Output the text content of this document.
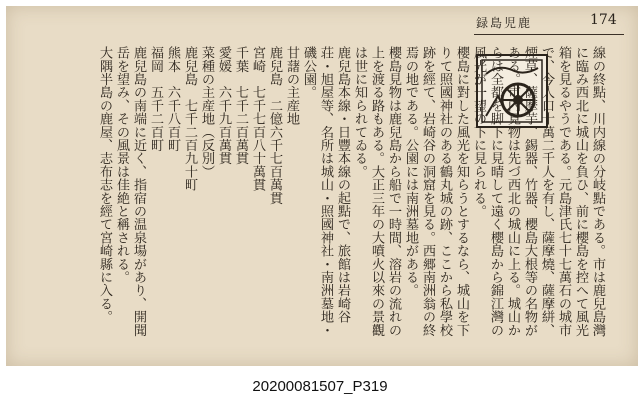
録島児鹿	174

線の終點、川内線の分岐點である。市は鹿兒島灣に臨み西北に城山を負ひ、前に櫻島を控へて風光箱を見るやうである。元島津氏七十七萬石の城市で、今人口十萬二千人を有し、薩摩燒、薩摩絣、煙草、薩摩芋、錫器、竹器、櫻島大根等の名物がある。市内見物は先づ西北の城山に上る。城山からは全都を脚下に見晴して遠く櫻島から錦江灣の風光が一望の下に見られる。

櫻島に對した風光を知らうとするなら、城山を下りて照國神社のある鶴丸城の跡、ここから私學校跡を經て、岩崎谷の洞窟を見る。西郷南洲翁の終焉の地である。公園には南洲墓地がある。

櫻島見物は鹿兒島から船で一時間、溶岩の流れの上を渡る路もある。大正三年の大噴火以來の景觀は世に知られてゐる。

鹿兒島本線・日豐本線の起點で、旅館は岩崎谷荘・旭屋等、名所は城山・照國神社・南洲墓地・磯公園。

甘藷の主産地

鹿兒島　二億六千七百萬貫

宮崎　七千七百八十萬貫

千葉　七千二百萬貫

愛媛　六千九百萬貫

菜種の主産地（反別）

鹿兒島　七千二百九十町

熊本　六千八百町

福岡　五千二百町

鹿兒島の南端に近く、指宿の温泉場があり、開聞岳を望み、その風景は佳絶と稱される。

大隅半島の鹿屋、志布志を經て宮崎縣に入る。

20200081507_P319
